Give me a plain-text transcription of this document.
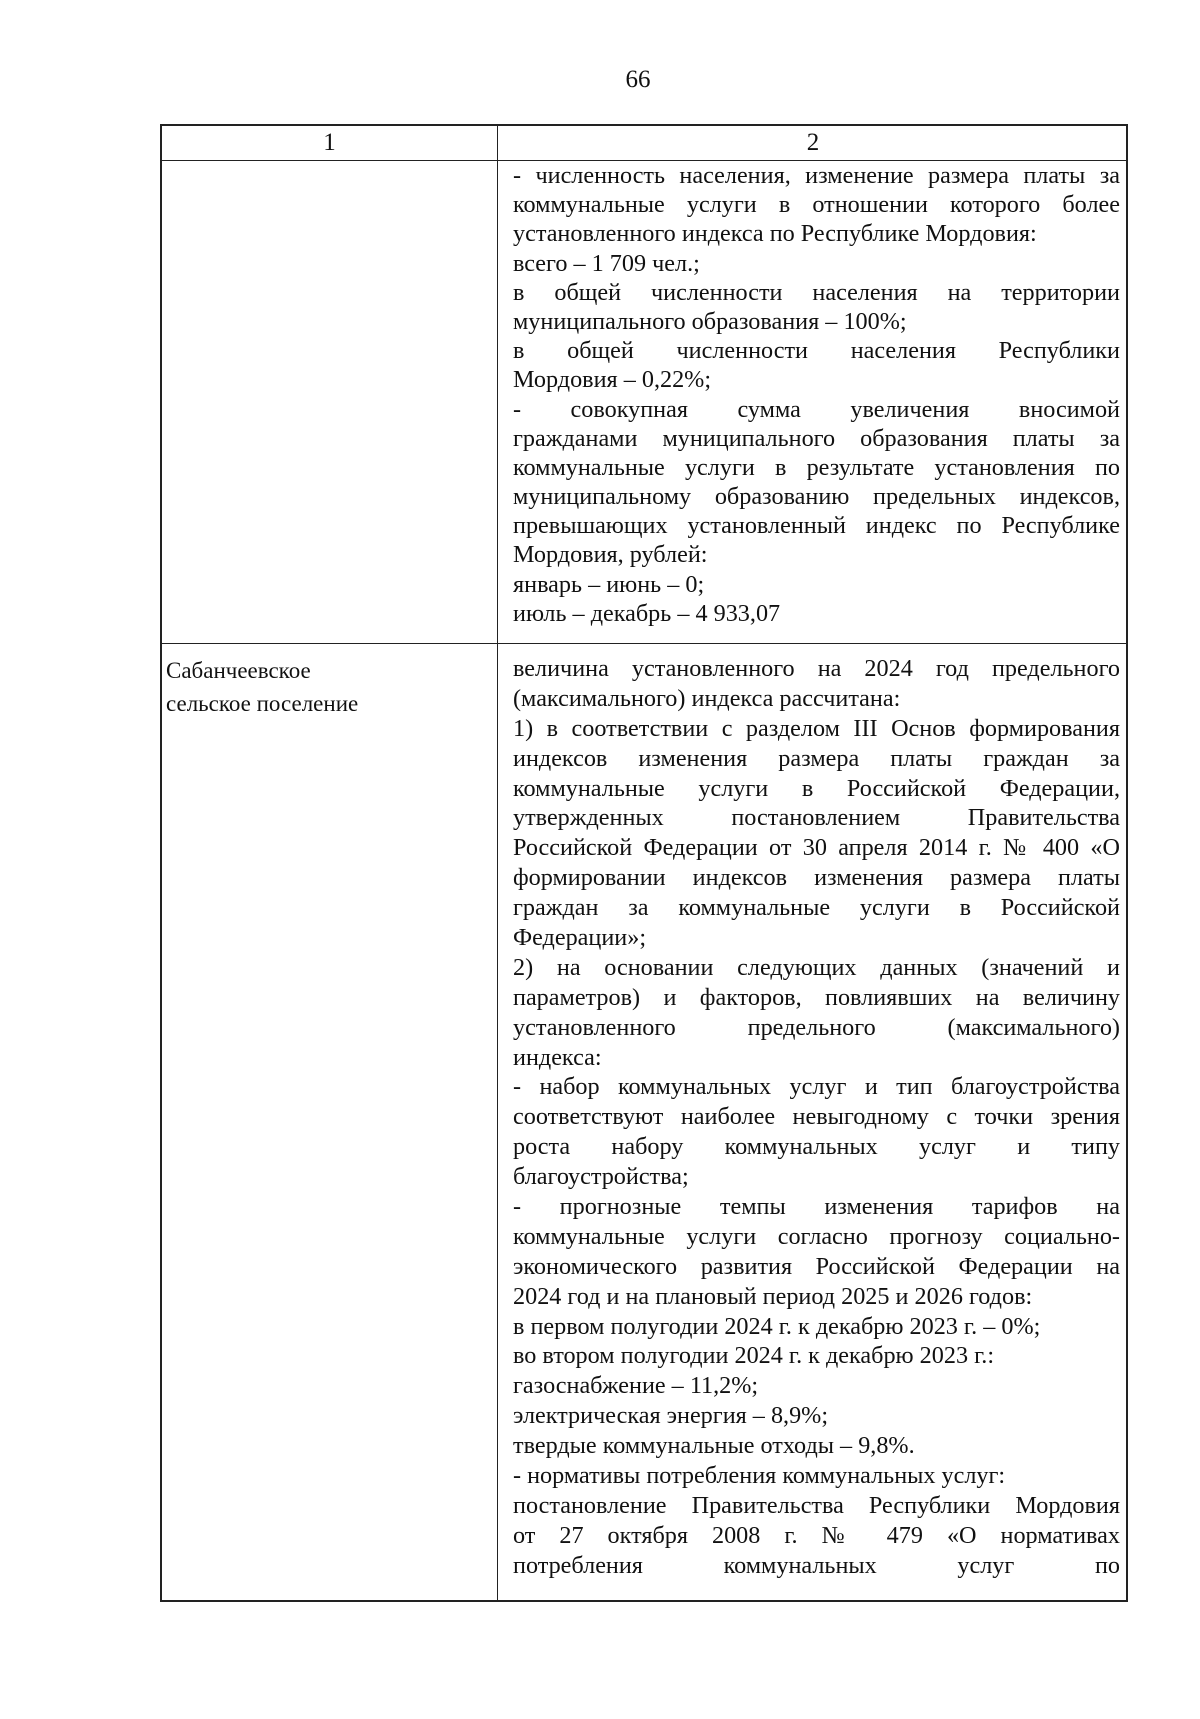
66
1	2
- численность населения, изменение размера платы за
коммунальные услуги в отношении которого более
установленного индекса по Республике Мордовия:
всего – 1 709 чел.;
в общей численности населения на территории
муниципального образования – 100%;
в общей численности населения Республики
Мордовия – 0,22%;
- совокупная сумма увеличения вносимой
гражданами муниципального образования платы за
коммунальные услуги в результате установления по
муниципальному образованию предельных индексов,
превышающих установленный индекс по Республике
Мордовия, рублей:
январь – июнь – 0;
июль – декабрь – 4 933,07
Сабанчеевское
сельское поселение
величина установленного на 2024 год предельного
(максимального) индекса рассчитана:
1) в соответствии с разделом III Основ формирования
индексов изменения размера платы граждан за
коммунальные услуги в Российской Федерации,
утвержденных постановлением Правительства
Российской Федерации от 30 апреля 2014 г. № 400 «О
формировании индексов изменения размера платы
граждан за коммунальные услуги в Российской
Федерации»;
2) на основании следующих данных (значений и
параметров) и факторов, повлиявших на величину
установленного предельного (максимального)
индекса:
- набор коммунальных услуг и тип благоустройства
соответствуют наиболее невыгодному с точки зрения
роста набору коммунальных услуг и типу
благоустройства;
- прогнозные темпы изменения тарифов на
коммунальные услуги согласно прогнозу социально-
экономического развития Российской Федерации на
2024 год и на плановый период 2025 и 2026 годов:
в первом полугодии 2024 г. к декабрю 2023 г. – 0%;
во втором полугодии 2024 г. к декабрю 2023 г.:
газоснабжение – 11,2%;
электрическая энергия – 8,9%;
твердые коммунальные отходы – 9,8%.
- нормативы потребления коммунальных услуг:
постановление Правительства Республики Мордовия
от 27 октября 2008 г. № 479 «О нормативах
потребления коммунальных услуг по
